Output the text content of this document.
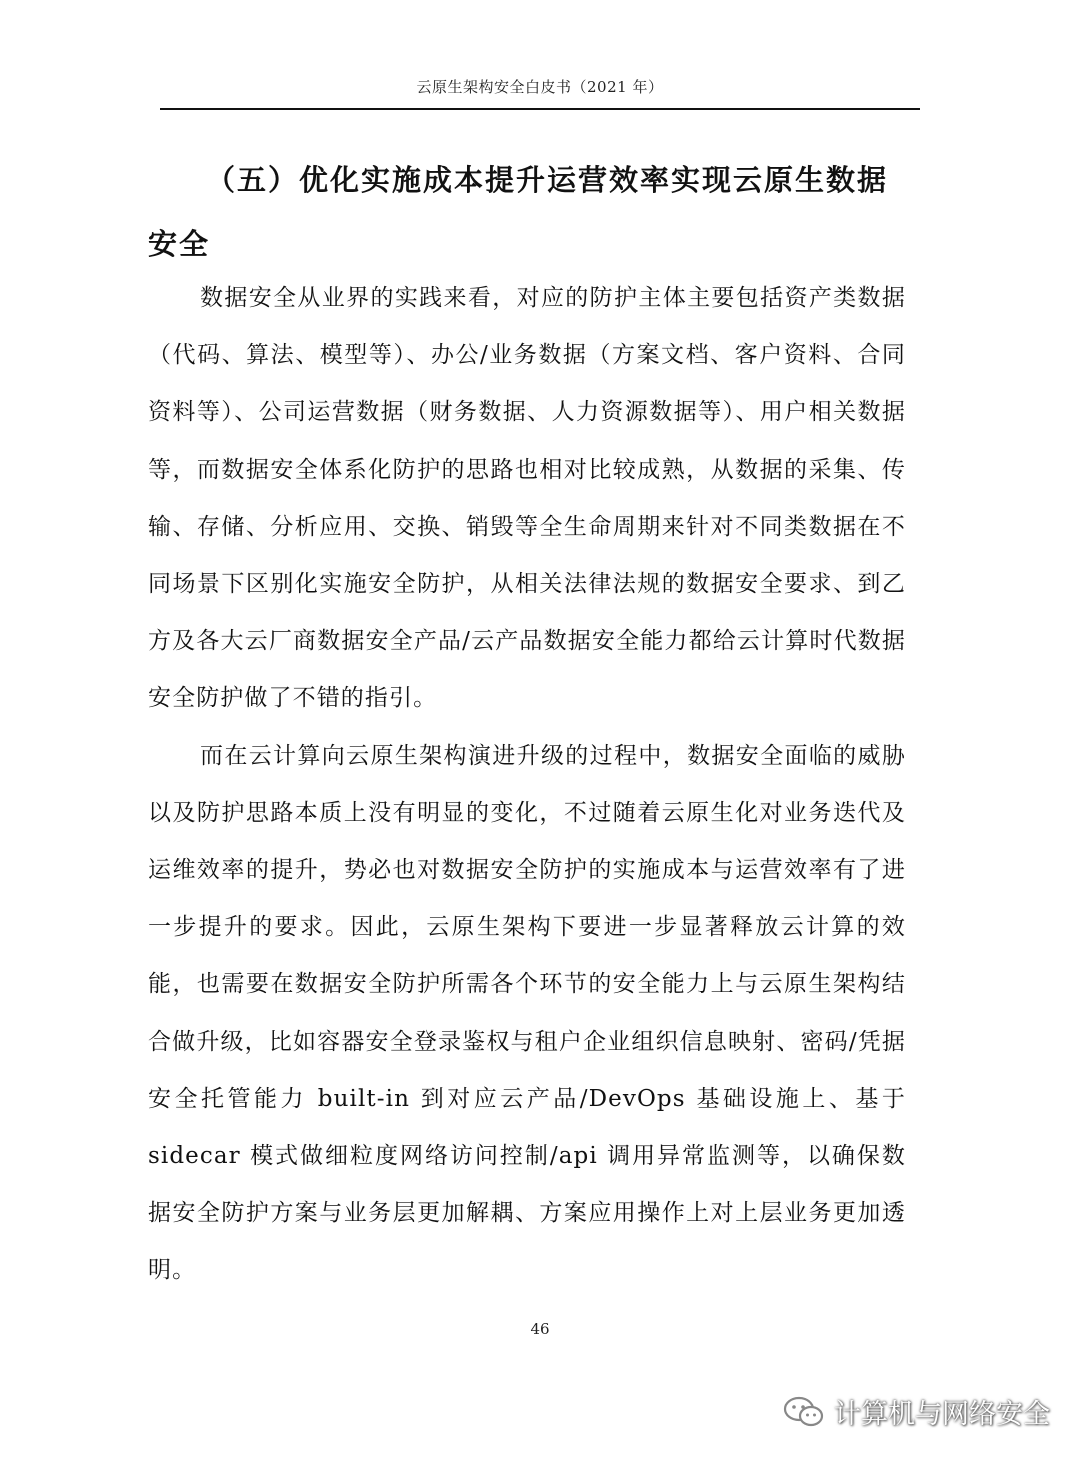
云原生架构安全白皮书（2021 年）
（五）优化实施成本提升运营效率实现云原生数据安全

数据安全从业界的实践来看，对应的防护主体主要包括资产类数据（代码、算法、模型等）、办公/业务数据（方案文档、客户资料、合同资料等）、公司运营数据（财务数据、人力资源数据等）、用户相关数据等，而数据安全体系化防护的思路也相对比较成熟，从数据的采集、传输、存储、分析应用、交换、销毁等全生命周期来针对不同类数据在不同场景下区别化实施安全防护，从相关法律法规的数据安全要求、到乙方及各大云厂商数据安全产品/云产品数据安全能力都给云计算时代数据安全防护做了不错的指引。

而在云计算向云原生架构演进升级的过程中，数据安全面临的威胁以及防护思路本质上没有明显的变化，不过随着云原生化对业务迭代及运维效率的提升，势必也对数据安全防护的实施成本与运营效率有了进一步提升的要求。因此，云原生架构下要进一步显著释放云计算的效能，也需要在数据安全防护所需各个环节的安全能力上与云原生架构结合做升级，比如容器安全登录鉴权与租户企业组织信息映射、密码/凭据安全托管能力 built-in 到对应云产品/DevOps 基础设施上、基于 sidecar 模式做细粒度网络访问控制/api 调用异常监测等，以确保数据安全防护方案与业务层更加解耦、方案应用操作上对上层业务更加透明。

46
计算机与网络安全
